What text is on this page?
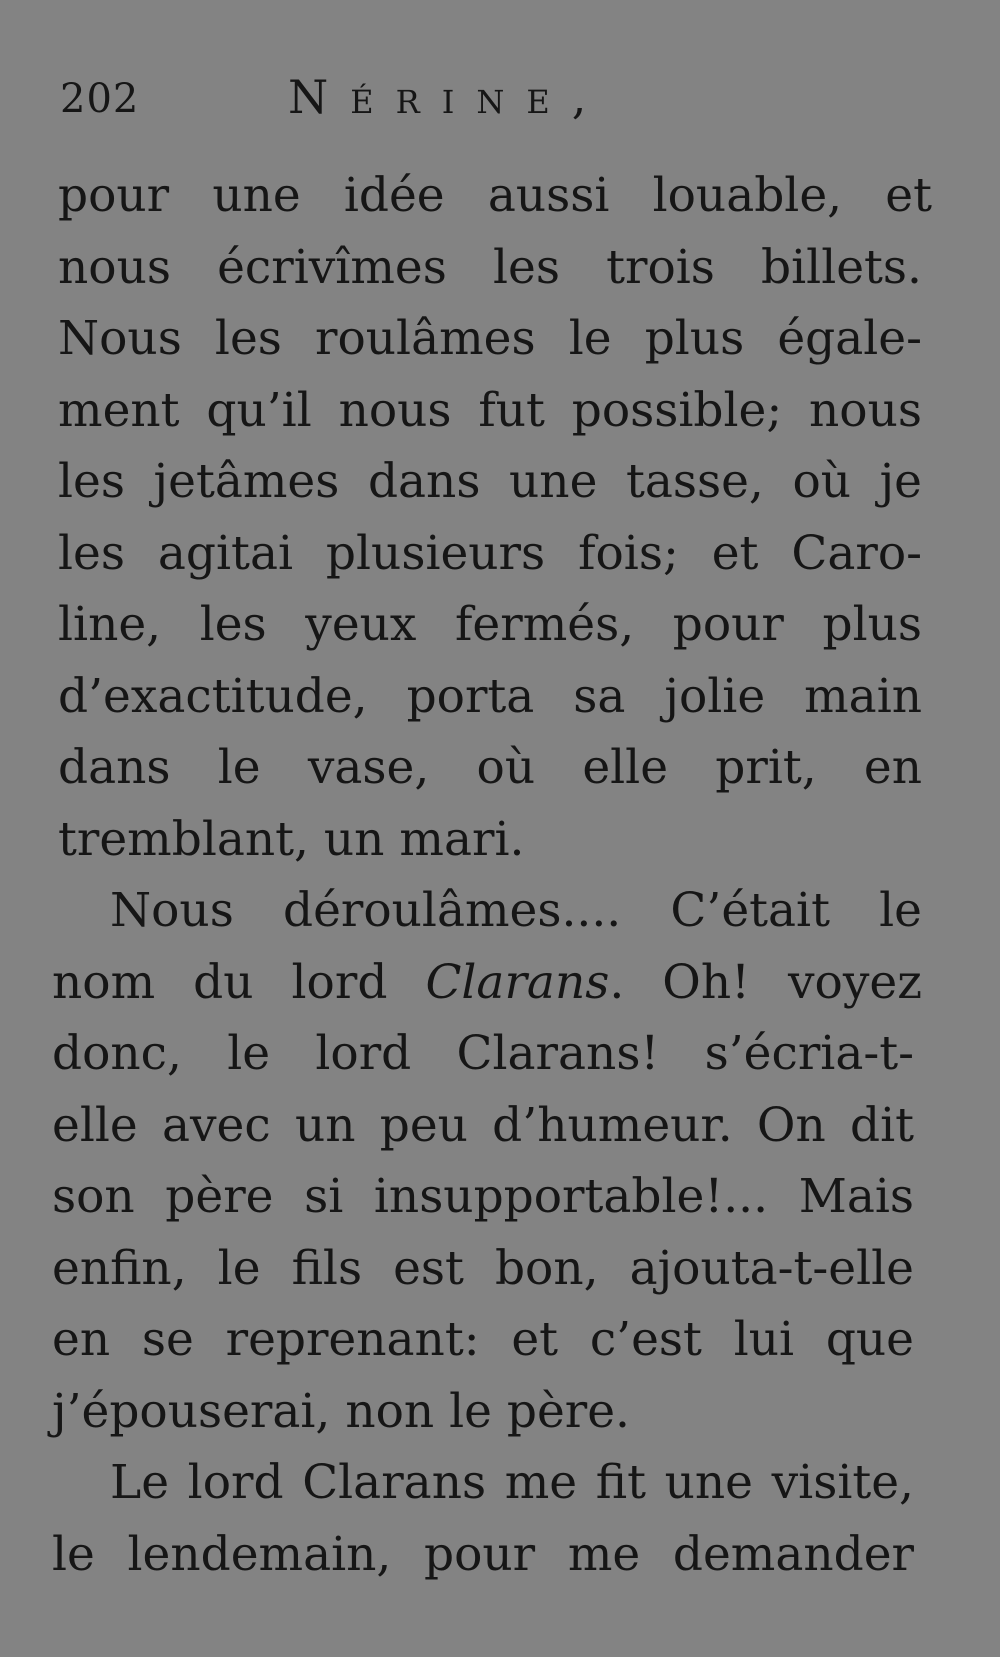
202	Nérine,
pour une idée aussi louable, et
nous écrivîmes les trois billets.
Nous les roulâmes le plus égale-
ment qu’il nous fut possible; nous
les jetâmes dans une tasse, où je
les agitai plusieurs fois; et Caro-
line, les yeux fermés, pour plus
d’exactitude, porta sa jolie main
dans le vase, où elle prit, en
tremblant, un mari.
Nous déroulâmes.... C’était le
nom du lord Clarans. Oh! voyez
donc, le lord Clarans! s’écria-t-
elle avec un peu d’humeur. On dit
son père si insupportable!... Mais
enfin, le fils est bon, ajouta-t-elle
en se reprenant: et c’est lui que
j’épouserai, non le père.
Le lord Clarans me fit une visite,
le lendemain, pour me demander
